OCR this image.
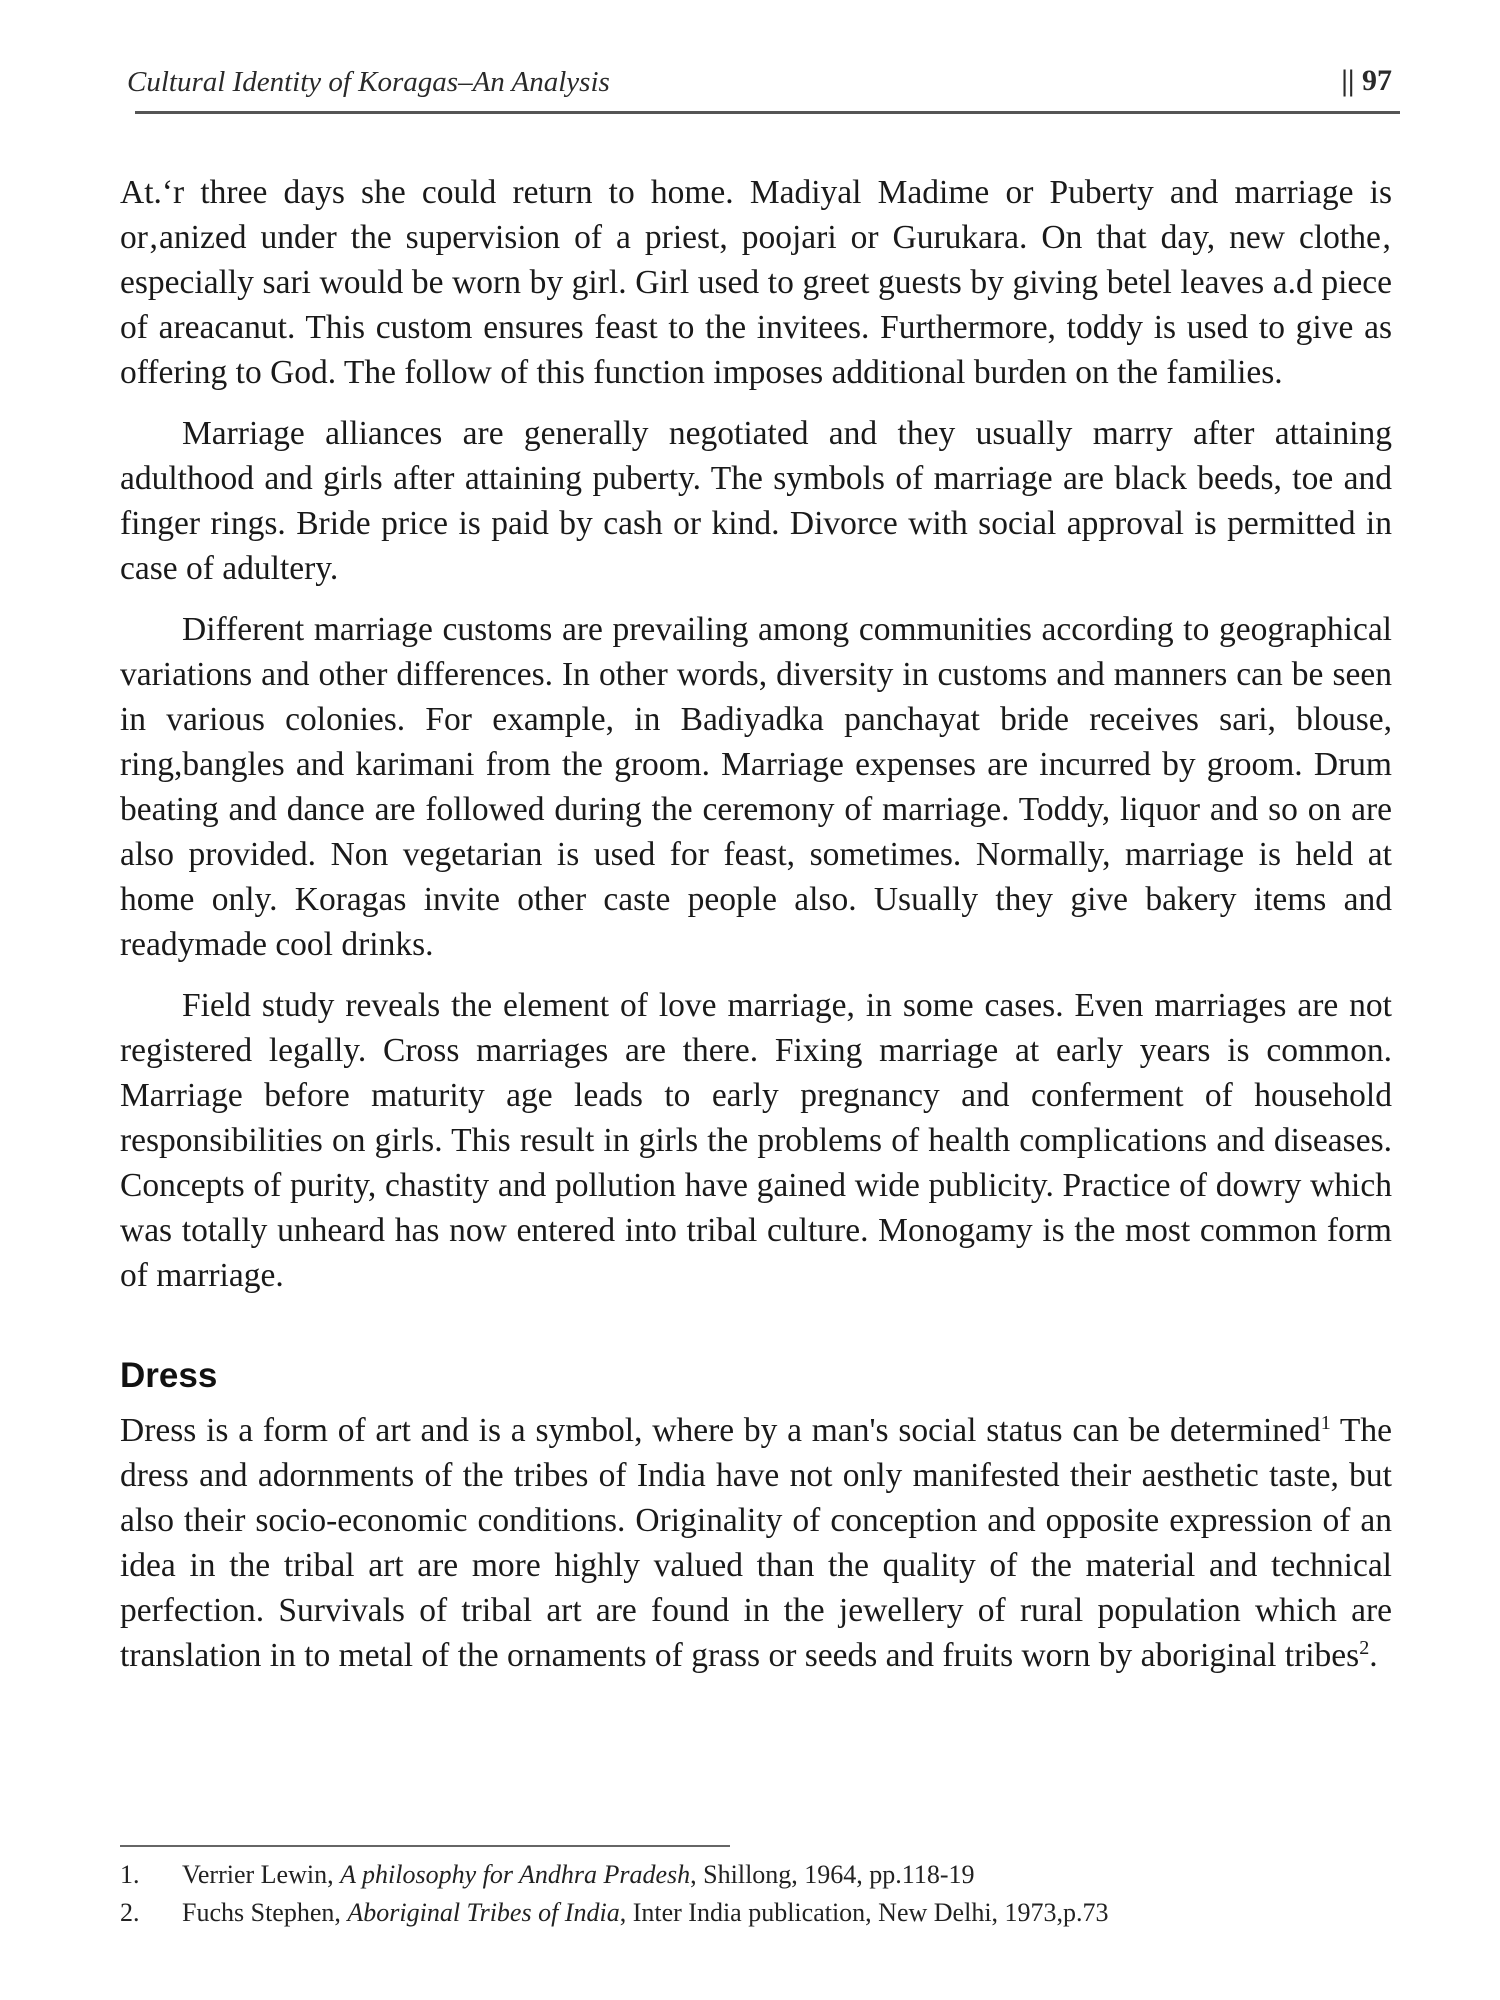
Cultural Identity of Koragas–An Analysis	|| 97

At.‘r three days she could return to home. Madiyal Madime or Puberty and marriage is or‚anized under the supervision of a priest, poojari or Gurukara. On that day, new clothe‚ especially sari would be worn by girl. Girl used to greet guests by giving betel leaves a.d piece of areacanut. This custom ensures feast to the invitees. Furthermore, toddy is used to give as offering to God. The follow of this function imposes additional burden on the families.

Marriage alliances are generally negotiated and they usually marry after attaining adulthood and girls after attaining puberty. The symbols of marriage are black beeds, toe and finger rings. Bride price is paid by cash or kind. Divorce with social approval is permitted in case of adultery.

Different marriage customs are prevailing among communities according to geographical variations and other differences. In other words, diversity in customs and manners can be seen in various colonies. For example, in Badiyadka panchayat bride receives sari, blouse, ring,bangles and karimani from the groom. Marriage expenses are incurred by groom. Drum beating and dance are followed during the ceremony of marriage. Toddy, liquor and so on are also provided. Non vegetarian is used for feast, sometimes. Normally, marriage is held at home only. Koragas invite other caste people also. Usually they give bakery items and readymade cool drinks.

Field study reveals the element of love marriage, in some cases. Even marriages are not registered legally. Cross marriages are there. Fixing marriage at early years is common. Marriage before maturity age leads to early pregnancy and conferment of household responsibilities on girls. This result in girls the problems of health complications and diseases. Concepts of purity, chastity and pollution have gained wide publicity. Practice of dowry which was totally unheard has now entered into tribal culture. Monogamy is the most common form of marriage.

Dress

Dress is a form of art and is a symbol, where by a man's social status can be determined$^1$ The dress and adornments of the tribes of India have not only manifested their aesthetic taste, but also their socio-economic conditions. Originality of conception and opposite expression of an idea in the tribal art are more highly valued than the quality of the material and technical perfection. Survivals of tribal art are found in the jewellery of rural population which are translation in to metal of the ornaments of grass or seeds and fruits worn by aboriginal tribes$^2$.

1.	Verrier Lewin, A philosophy for Andhra Pradesh, Shillong, 1964, pp.118-19
2.	Fuchs Stephen, Aboriginal Tribes of India, Inter India publication, New Delhi, 1973,p.73
